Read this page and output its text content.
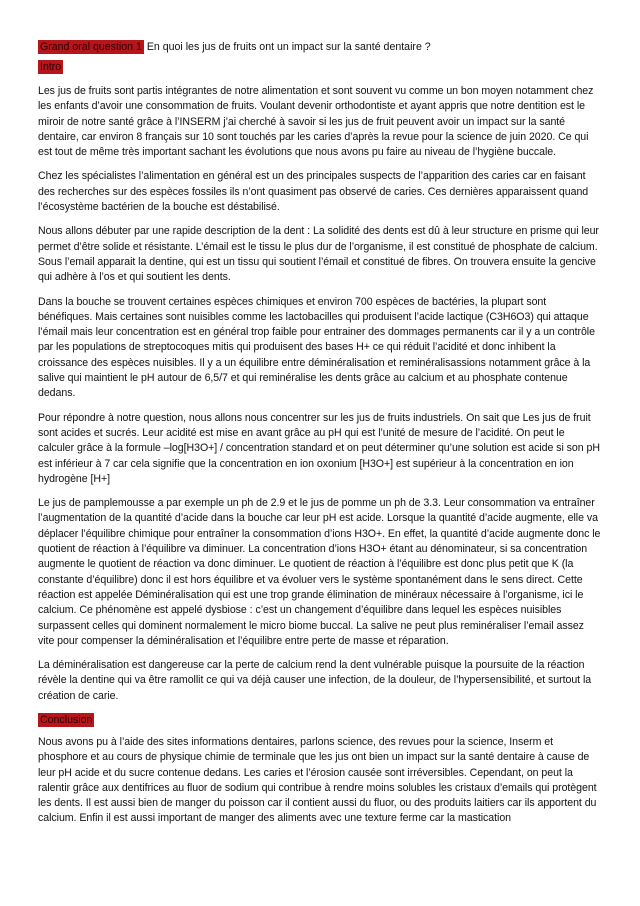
Grand oral question 1 En quoi les jus de fruits ont un impact sur la santé dentaire ?
Intro

Les jus de fruits sont partis intégrantes de notre alimentation et sont souvent vu comme un bon moyen notamment chez les enfants d’avoir une consommation de fruits. Voulant devenir orthodontiste et ayant appris que notre dentition est le miroir de notre santé grâce à l’INSERM j’ai cherché à savoir si les jus de fruit peuvent avoir un impact sur la santé dentaire, car environ 8 français sur 10 sont touchés par les caries d’après la revue pour la science de juin 2020. Ce qui est tout de même très important sachant les évolutions que nous avons pu faire au niveau de l’hygiène buccale.

Chez les spécialistes l’alimentation en général est un des principales suspects de l’apparition des caries car en faisant des recherches sur des espèces fossiles ils n’ont quasiment pas observé de caries. Ces dernières apparaissent quand l’écosystème bactérien de la bouche est déstabilisé.

Nous allons débuter par une rapide description de la dent : La solidité des dents est dû à leur structure en prisme qui leur permet d’être solide et résistante. L’émail est le tissu le plus dur de l’organisme, il est constitué de phosphate de calcium. Sous l’email apparait la dentine, qui est un tissu qui soutient l’émail et constitué de fibres. On trouvera ensuite la gencive qui adhère à l’os et qui soutient les dents.

Dans la bouche se trouvent certaines espèces chimiques et environ 700 espèces de bactéries, la plupart sont bénéfiques. Mais certaines sont nuisibles comme les lactobacilles qui produisent l’acide lactique (C3H6O3) qui attaque l’émail mais leur concentration est en général trop faible pour entrainer des dommages permanents car il y a un contrôle par les populations de streptocoques mitis qui produisent des bases H+ ce qui réduit l’acidité et donc inhibent la croissance des espèces nuisibles. Il y a un équilibre entre déminéralisation et reminéralisassions notamment grâce à la salive qui maintient le pH autour de 6,5/7 et qui reminéralise les dents grâce au calcium et au phosphate contenue dedans.

Pour répondre à notre question, nous allons nous concentrer sur les jus de fruits industriels. On sait que Les jus de fruit sont acides et sucrés. Leur acidité est mise en avant grâce au pH qui est l’unité de mesure de l’acidité. On peut le calculer grâce à la formule –log[H3O+] / concentration standard et on peut déterminer qu’une solution est acide si son pH est inférieur à 7 car cela signifie que la concentration en ion oxonium [H3O+] est supérieur à la concentration en ion hydrogène [H+]

Le jus de pamplemousse a par exemple un ph de 2.9 et le jus de pomme un ph de 3.3. Leur consommation va entraîner l’augmentation de la quantité d’acide dans la bouche car leur pH est acide. Lorsque la quantité d’acide augmente, elle va déplacer l’équilibre chimique pour entraîner la consommation d’ions H3O+. En effet, la quantité d’acide augmente donc le quotient de réaction à l’équilibre va diminuer. La concentration d’ions H3O+ étant au dénominateur, si sa concentration augmente le quotient de réaction va donc diminuer. Le quotient de réaction à l’équilibre est donc plus petit que K (la constante d’équilibre) donc il est hors équilibre et va évoluer vers le système spontanément dans le sens direct. Cette réaction est appelée Déminéralisation qui est une trop grande élimination de minéraux nécessaire à l’organisme, ici le calcium. Ce phénomène est appelé dysbiose : c’est un changement d’équilibre dans lequel les espèces nuisibles surpassent celles qui dominent normalement le micro biome buccal. La salive ne peut plus reminéraliser l’email assez vite pour compenser la déminéralisation et l’équilibre entre perte de masse et réparation.

La déminéralisation est dangereuse car la perte de calcium rend la dent vulnérable puisque la poursuite de la réaction révèle la dentine qui va être ramollit ce qui va déjà causer une infection, de la douleur, de l’hypersensibilité, et surtout la création de carie.

Conclusion

Nous avons pu à l’aide des sites informations dentaires, parlons science, des revues pour la science, Inserm et phosphore et au cours de physique chimie de terminale que les jus ont bien un impact sur la santé dentaire à cause de leur pH acide et du sucre contenue dedans. Les caries et l’érosion causée sont irréversibles. Cependant, on peut la ralentir grâce aux dentifrices au fluor de sodium qui contribue à rendre moins solubles les cristaux d’emails qui protègent les dents. Il est aussi bien de manger du poisson car il contient aussi du fluor, ou des produits laitiers car ils apportent du calcium. Enfin il est aussi important de manger des aliments avec une texture ferme car la mastication
